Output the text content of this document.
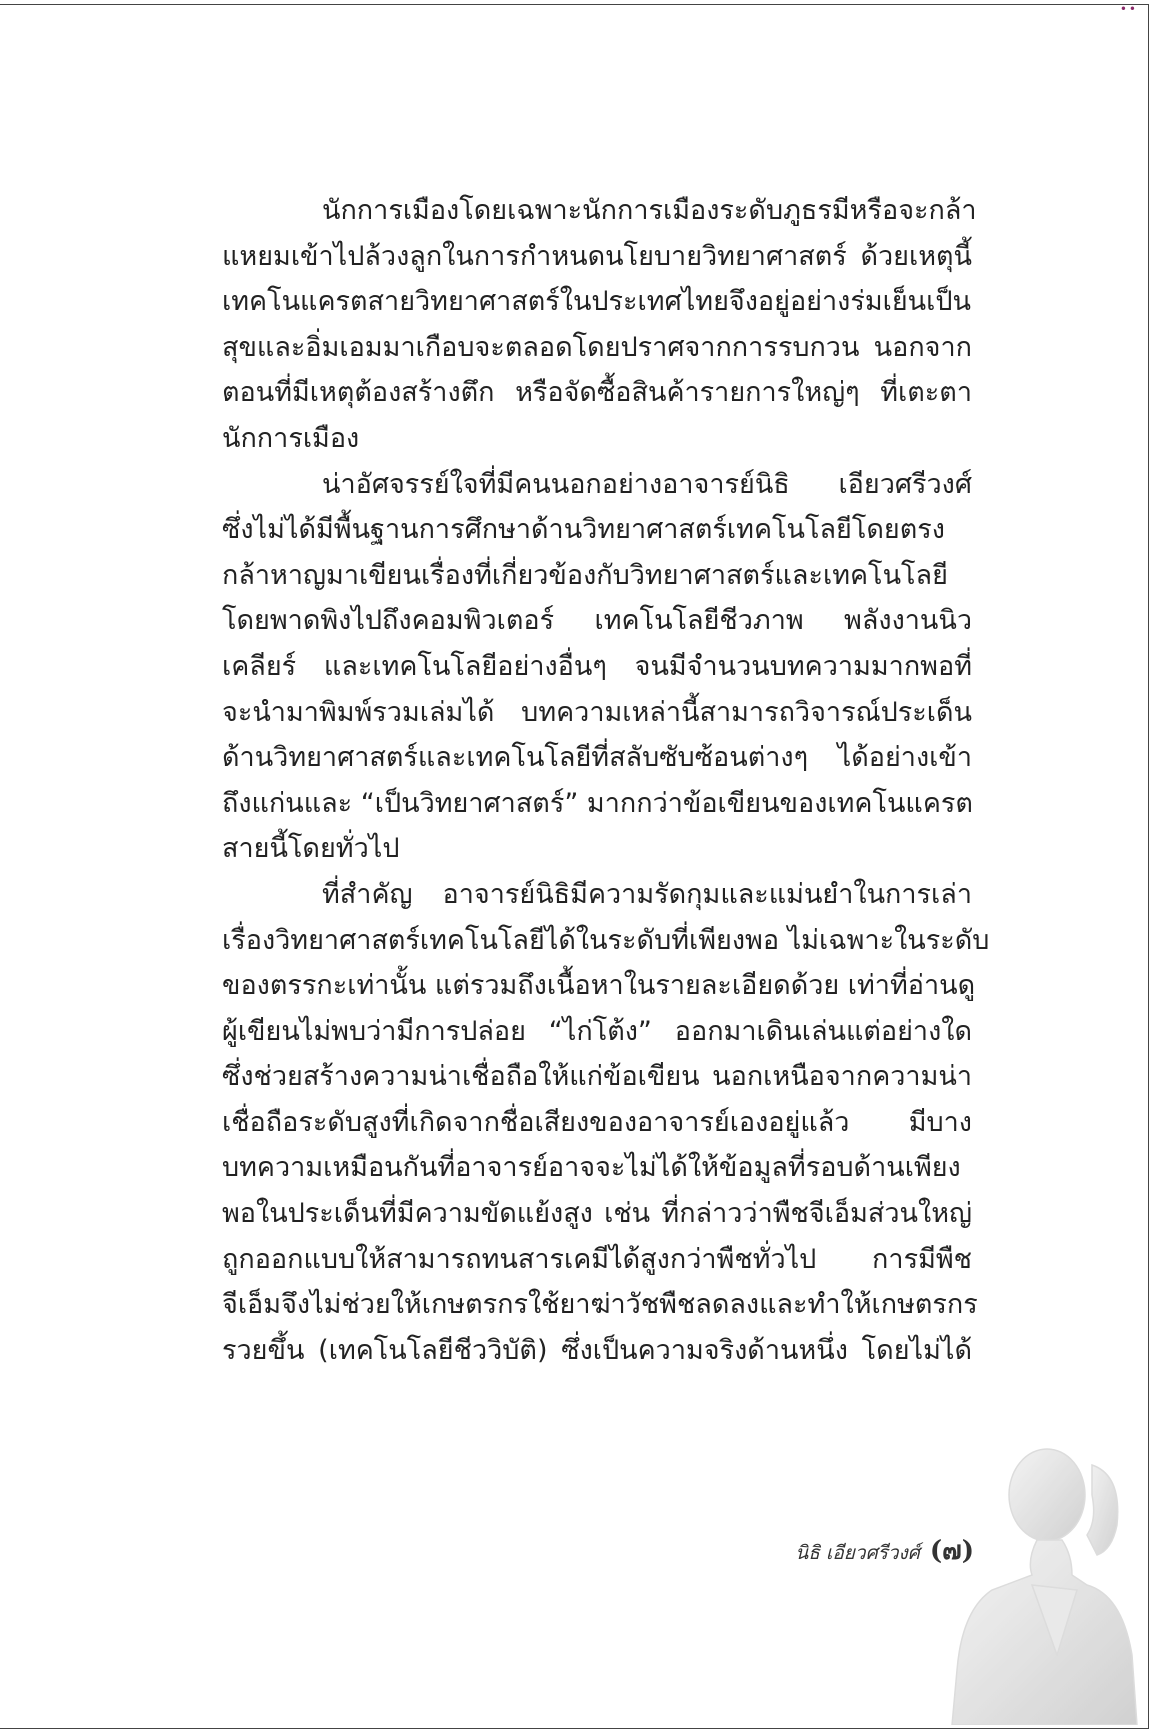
••
นักการเมืองโดยเฉพาะนักการเมืองระดับภูธรมีหรือจะกล้า
แหยมเข้าไปล้วงลูกในการกำหนดนโยบายวิทยาศาสตร์ ด้วยเหตุนี้
เทคโนแครตสายวิทยาศาสตร์ในประเทศไทยจึงอยู่อย่างร่มเย็นเป็น
สุขและอิ่มเอมมาเกือบจะตลอดโดยปราศจากการรบกวน นอกจาก
ตอนที่มีเหตุต้องสร้างตึก หรือจัดซื้อสินค้ารายการใหญ่ๆ ที่เตะตา
นักการเมือง
น่าอัศจรรย์ใจที่มีคนนอกอย่างอาจารย์นิธิ เอียวศรีวงศ์
ซึ่งไม่ได้มีพื้นฐานการศึกษาด้านวิทยาศาสตร์เทคโนโลยีโดยตรง
กล้าหาญมาเขียนเรื่องที่เกี่ยวข้องกับวิทยาศาสตร์และเทคโนโลยี
โดยพาดพิงไปถึงคอมพิวเตอร์ เทคโนโลยีชีวภาพ พลังงานนิว
เคลียร์ และเทคโนโลยีอย่างอื่นๆ จนมีจำนวนบทความมากพอที่
จะนำมาพิมพ์รวมเล่มได้ บทความเหล่านี้สามารถวิจารณ์ประเด็น
ด้านวิทยาศาสตร์และเทคโนโลยีที่สลับซับซ้อนต่างๆ ได้อย่างเข้า
ถึงแก่นและ “เป็นวิทยาศาสตร์” มากกว่าข้อเขียนของเทคโนแครต
สายนี้โดยทั่วไป
ที่สำคัญ อาจารย์นิธิมีความรัดกุมและแม่นยำในการเล่า
เรื่องวิทยาศาสตร์เทคโนโลยีได้ในระดับที่เพียงพอ ไม่เฉพาะในระดับ
ของตรรกะเท่านั้น แต่รวมถึงเนื้อหาในรายละเอียดด้วย เท่าที่อ่านดู
ผู้เขียนไม่พบว่ามีการปล่อย “ไก่โต้ง” ออกมาเดินเล่นแต่อย่างใด
ซึ่งช่วยสร้างความน่าเชื่อถือให้แก่ข้อเขียน นอกเหนือจากความน่า
เชื่อถือระดับสูงที่เกิดจากชื่อเสียงของอาจารย์เองอยู่แล้ว มีบาง
บทความเหมือนกันที่อาจารย์อาจจะไม่ได้ให้ข้อมูลที่รอบด้านเพียง
พอในประเด็นที่มีความขัดแย้งสูง เช่น ที่กล่าวว่าพืชจีเอ็มส่วนใหญ่
ถูกออกแบบให้สามารถทนสารเคมีได้สูงกว่าพืชทั่วไป การมีพืช
จีเอ็มจึงไม่ช่วยให้เกษตรกรใช้ยาฆ่าวัชพืชลดลงและทำให้เกษตรกร
รวยขึ้น (เทคโนโลยีชีววิบัติ) ซึ่งเป็นความจริงด้านหนึ่ง โดยไม่ได้
นิธิ เอียวศรีวงศ์ (๗)
